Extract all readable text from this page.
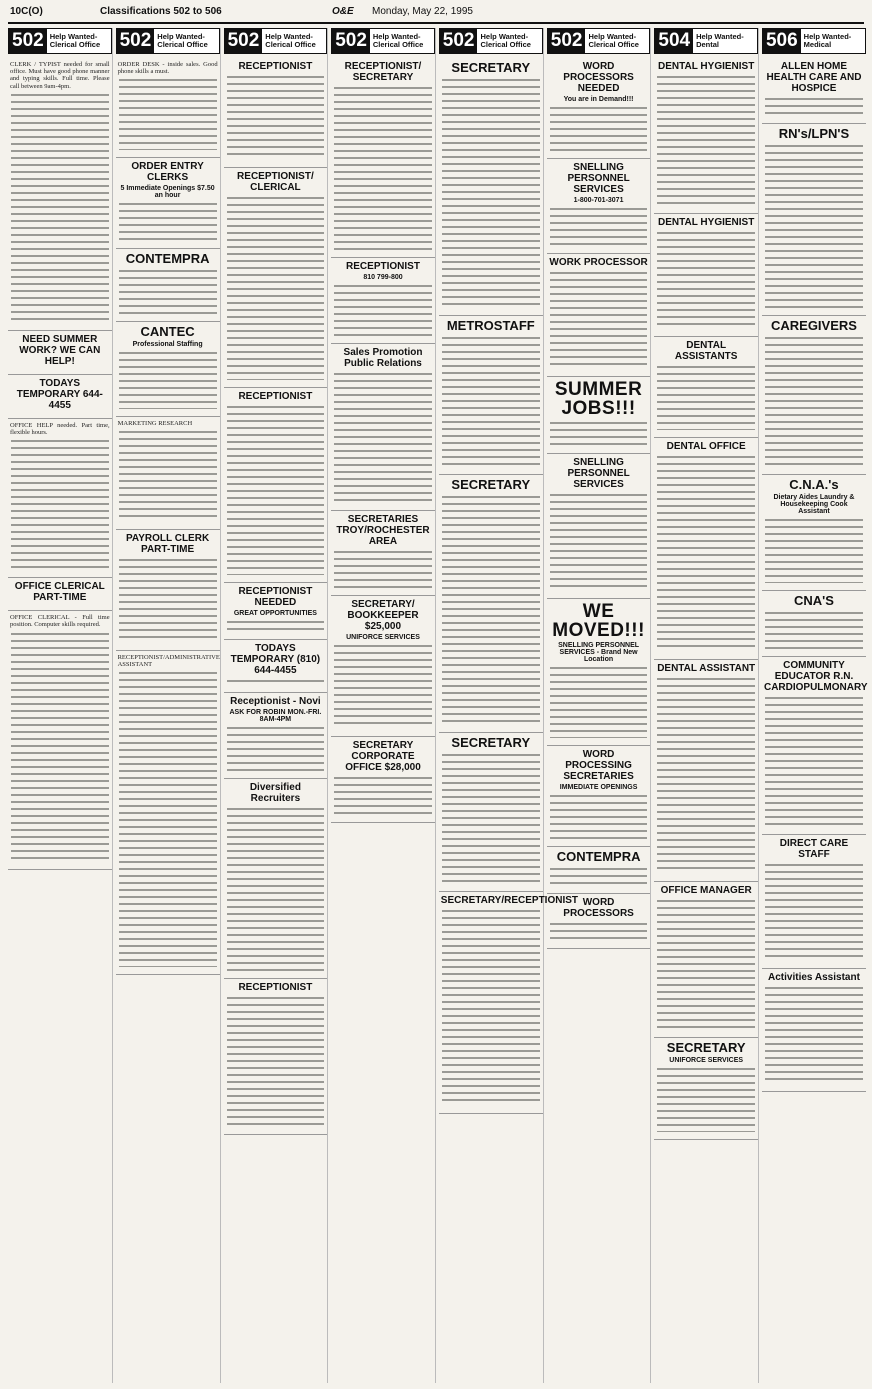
10C(O)	Classifications 502 to 506	O&E Monday, May 22, 1995
502 Help Wanted- Clerical Office
CLERK / TYPIST needed for small office. Must have good phone manner and typing skills. Full time. Please call between 9am-4pm.
NEED SUMMER WORK? WE CAN HELP!
TODAYS TEMPORARY 644-4455
OFFICE HELP needed. Part time, flexible hours.
OFFICE CLERICAL PART-TIME
OFFICE CLERICAL - Full time position. Computer skills required.
502 Help Wanted- Clerical Office
ORDER DESK - inside sales. Good phone skills a must.
ORDER ENTRY CLERKS
5 Immediate Openings $7.50 an hour
CONTEMPRA
CANTEC
Professional Staffing
MARKETING RESEARCH
PAYROLL CLERK PART-TIME
RECEPTIONIST/ADMINISTRATIVE ASSISTANT
502 Help Wanted- Clerical Office
RECEPTIONIST
RECEPTIONIST/ CLERICAL
RECEPTIONIST
RECEPTIONIST NEEDED
GREAT OPPORTUNITIES
TODAYS TEMPORARY (810) 644-4455
Receptionist - Novi
ASK FOR ROBIN MON.-FRI. 8AM-4PM
Diversified Recruiters
RECEPTIONIST
502 Help Wanted- Clerical Office
RECEPTIONIST/ SECRETARY
RECEPTIONIST
810 799-800
Sales Promotion Public Relations
SECRETARIES TROY/ROCHESTER AREA
SECRETARY/ BOOKKEEPER $25,000
UNIFORCE SERVICES
SECRETARY CORPORATE OFFICE $28,000
502 Help Wanted- Clerical Office
SECRETARY
METROSTAFF
SECRETARY
SECRETARY
SECRETARY/RECEPTIONIST
502 Help Wanted- Clerical Office
WORD PROCESSORS NEEDED
You are in Demand!!!
SNELLING PERSONNEL SERVICES
1-800-701-3071
WORK PROCESSOR
SUMMER JOBS!!!
SNELLING PERSONNEL SERVICES
WE MOVED!!!
SNELLING PERSONNEL SERVICES - Brand New Location
WORD PROCESSING SECRETARIES
IMMEDIATE OPENINGS
CONTEMPRA
WORD PROCESSORS
504 Help Wanted-Dental
DENTAL HYGIENIST
DENTAL HYGIENIST
DENTAL ASSISTANTS
DENTAL OFFICE
DENTAL ASSISTANT
OFFICE MANAGER
SECRETARY
UNIFORCE SERVICES
506 Help Wanted- Medical
ALLEN HOME HEALTH CARE AND HOSPICE
RN's/LPN'S
CAREGIVERS
C.N.A.'s
Dietary Aides Laundry & Housekeeping Cook Assistant
CNA'S
COMMUNITY EDUCATOR R.N. CARDIOPULMONARY
DIRECT CARE STAFF
Activities Assistant
